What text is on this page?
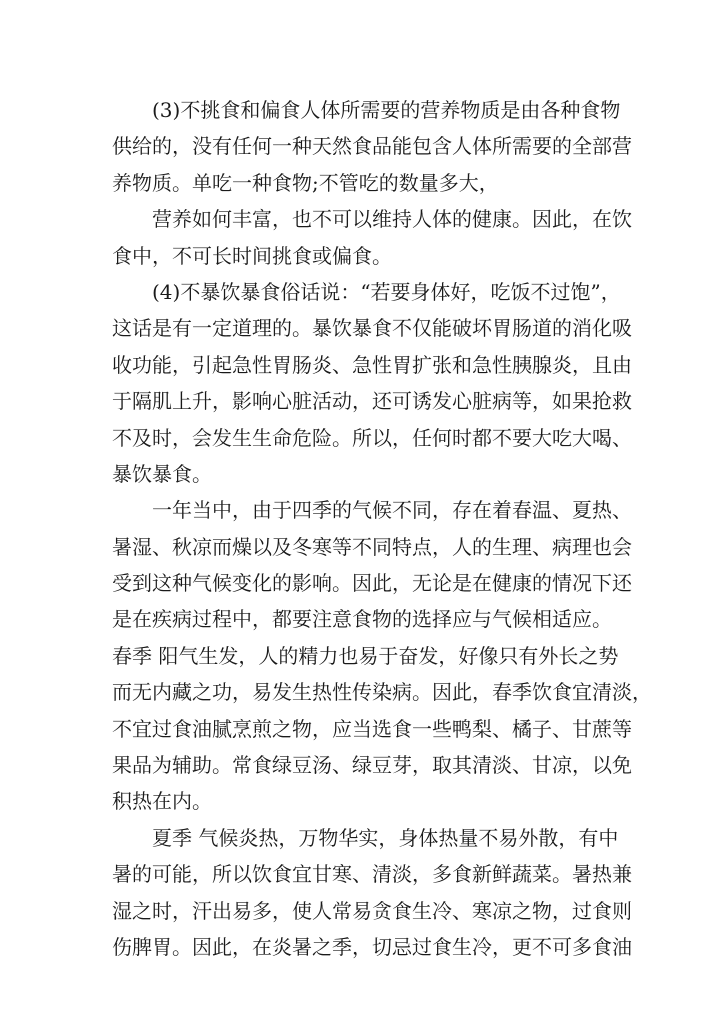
(3)不挑食和偏食人体所需要的营养物质是由各种食物
供给的，没有任何一种天然食品能包含人体所需要的全部营
养物质。单吃一种食物;不管吃的数量多大，
营养如何丰富，也不可以维持人体的健康。因此，在饮
食中，不可长时间挑食或偏食。
(4)不暴饮暴食俗话说：“若要身体好，吃饭不过饱”，
这话是有一定道理的。暴饮暴食不仅能破坏胃肠道的消化吸
收功能，引起急性胃肠炎、急性胃扩张和急性胰腺炎，且由
于隔肌上升，影响心脏活动，还可诱发心脏病等，如果抢救
不及时，会发生生命危险。所以，任何时都不要大吃大喝、
暴饮暴食。
一年当中，由于四季的气候不同，存在着春温、夏热、
暑湿、秋凉而燥以及冬寒等不同特点，人的生理、病理也会
受到这种气候变化的影响。因此，无论是在健康的情况下还
是在疾病过程中，都要注意食物的选择应与气候相适应。
春季 阳气生发，人的精力也易于奋发，好像只有外长之势
而无内藏之功，易发生热性传染病。因此，春季饮食宜清淡，
不宜过食油腻烹煎之物，应当选食一些鸭梨、橘子、甘蔗等
果品为辅助。常食绿豆汤、绿豆芽，取其清淡、甘凉，以免
积热在内。
夏季 气候炎热，万物华实，身体热量不易外散，有中
暑的可能，所以饮食宜甘寒、清淡，多食新鲜蔬菜。暑热兼
湿之时，汗出易多，使人常易贪食生冷、寒凉之物，过食则
伤脾胃。因此，在炎暑之季，切忌过食生冷，更不可多食油
